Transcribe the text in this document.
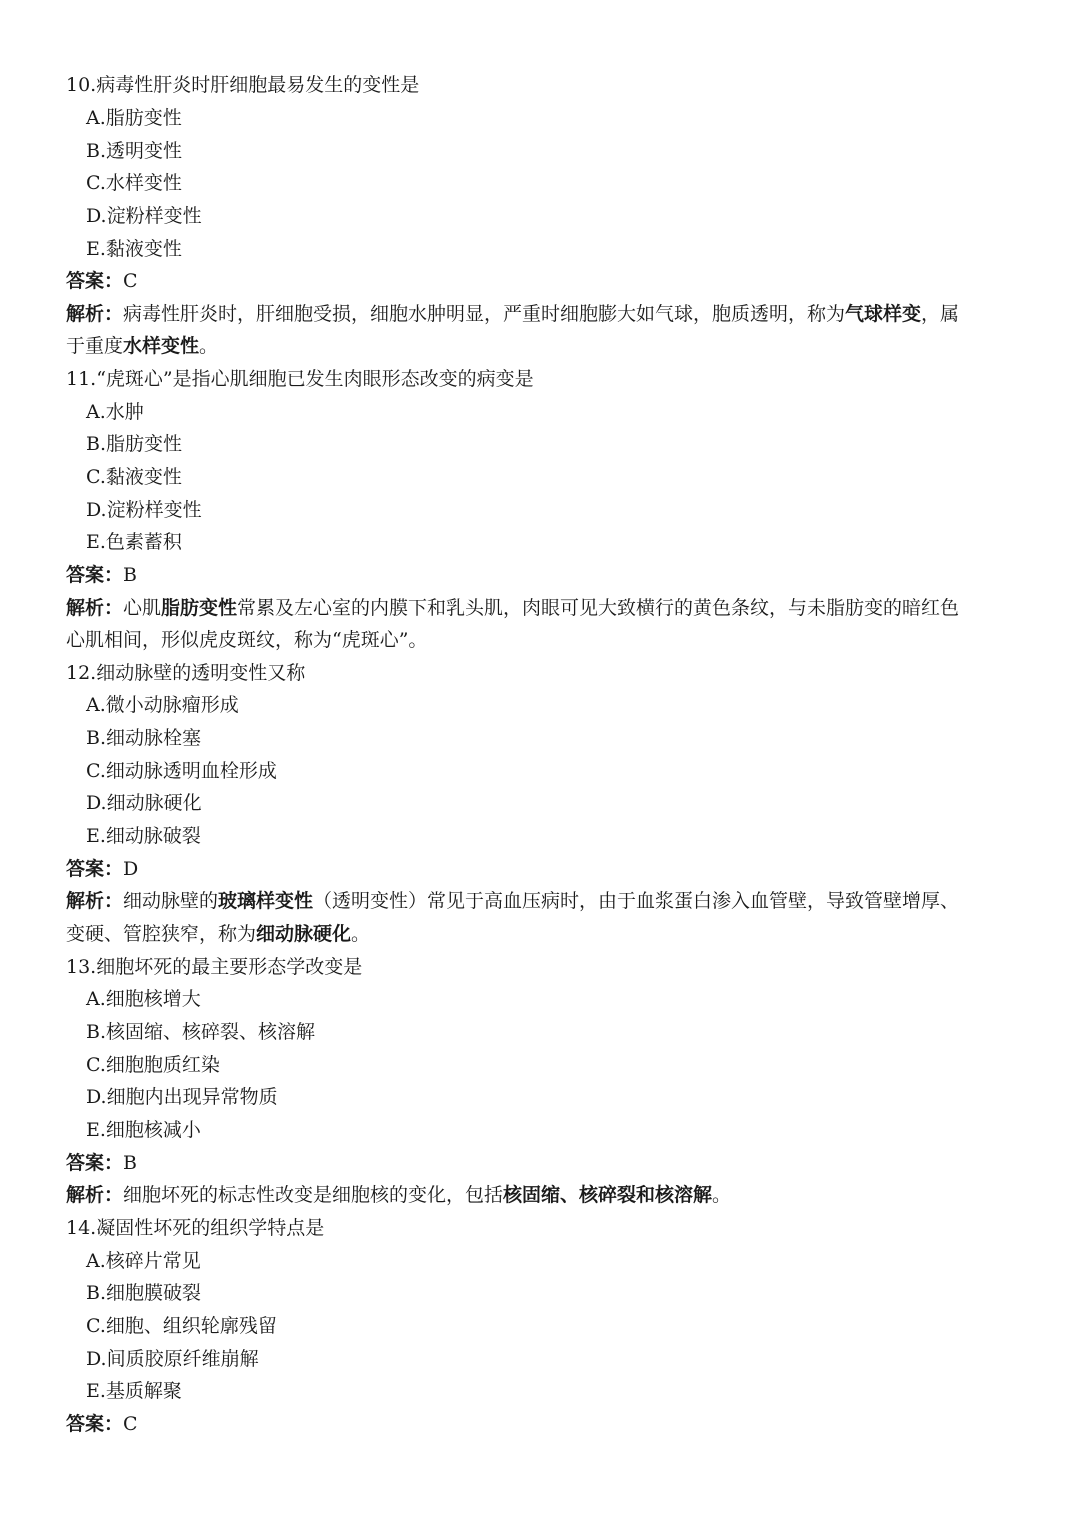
10.病毒性肝炎时肝细胞最易发生的变性是
A.脂肪变性
B.透明变性
C.水样变性
D.淀粉样变性
E.黏液变性
答案：C
解析：病毒性肝炎时，肝细胞受损，细胞水肿明显，严重时细胞膨大如气球，胞质透明，称为气球样变，属
于重度水样变性。
11.“虎斑心”是指心肌细胞已发生肉眼形态改变的病变是
A.水肿
B.脂肪变性
C.黏液变性
D.淀粉样变性
E.色素蓄积
答案：B
解析：心肌脂肪变性常累及左心室的内膜下和乳头肌，肉眼可见大致横行的黄色条纹，与未脂肪变的暗红色
心肌相间，形似虎皮斑纹，称为“虎斑心”。
12.细动脉壁的透明变性又称
A.微小动脉瘤形成
B.细动脉栓塞
C.细动脉透明血栓形成
D.细动脉硬化
E.细动脉破裂
答案：D
解析：细动脉壁的玻璃样变性（透明变性）常见于高血压病时，由于血浆蛋白渗入血管壁，导致管壁增厚、
变硬、管腔狭窄，称为细动脉硬化。
13.细胞坏死的最主要形态学改变是
A.细胞核增大
B.核固缩、核碎裂、核溶解
C.细胞胞质红染
D.细胞内出现异常物质
E.细胞核减小
答案：B
解析：细胞坏死的标志性改变是细胞核的变化，包括核固缩、核碎裂和核溶解。
14.凝固性坏死的组织学特点是
A.核碎片常见
B.细胞膜破裂
C.细胞、组织轮廓残留
D.间质胶原纤维崩解
E.基质解聚
答案：C
